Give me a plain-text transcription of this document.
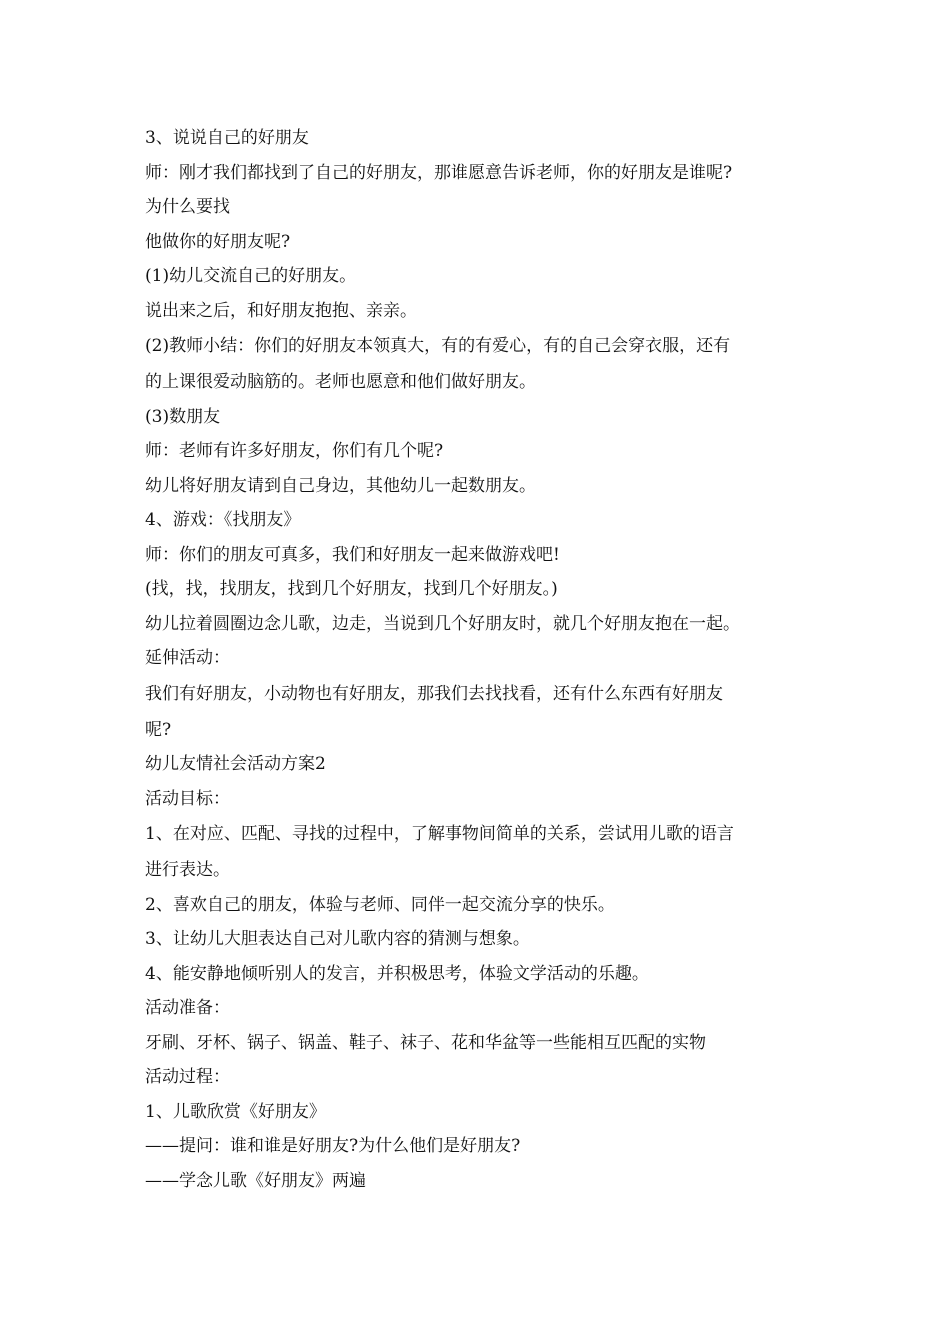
3、说说自己的好朋友

师：刚才我们都找到了自己的好朋友，那谁愿意告诉老师，你的好朋友是谁呢?

为什么要找

他做你的好朋友呢?

(1)幼儿交流自己的好朋友。

说出来之后，和好朋友抱抱、亲亲。

(2)教师小结：你们的好朋友本领真大，有的有爱心，有的自己会穿衣服，还有

的上课很爱动脑筋的。老师也愿意和他们做好朋友。

(3)数朋友

师：老师有许多好朋友，你们有几个呢?

幼儿将好朋友请到自己身边，其他幼儿一起数朋友。

4、游戏：《找朋友》

师：你们的朋友可真多，我们和好朋友一起来做游戏吧!

(找，找，找朋友，找到几个好朋友，找到几个好朋友。)

幼儿拉着圆圈边念儿歌，边走，当说到几个好朋友时，就几个好朋友抱在一起。

延伸活动：

我们有好朋友，小动物也有好朋友，那我们去找找看，还有什么东西有好朋友

呢?

幼儿友情社会活动方案2

活动目标：

1、在对应、匹配、寻找的过程中，了解事物间简单的关系，尝试用儿歌的语言

进行表达。

2、喜欢自己的朋友，体验与老师、同伴一起交流分享的快乐。

3、让幼儿大胆表达自己对儿歌内容的猜测与想象。

4、能安静地倾听别人的发言，并积极思考，体验文学活动的乐趣。

活动准备：

牙刷、牙杯、锅子、锅盖、鞋子、袜子、花和华盆等一些能相互匹配的实物

活动过程：

1、儿歌欣赏《好朋友》

——提问：谁和谁是好朋友?为什么他们是好朋友?

——学念儿歌《好朋友》两遍
